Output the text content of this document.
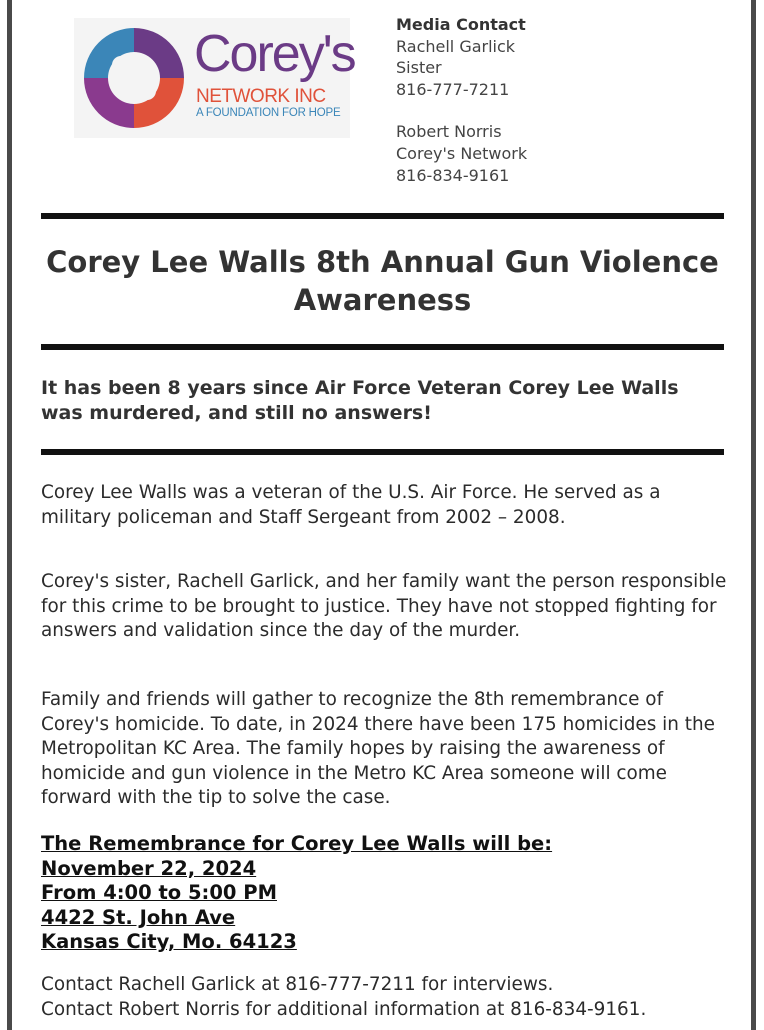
Corey's
NETWORK INC
A FOUNDATION FOR HOPE
Media Contact
Rachell Garlick
Sister
816-777-7211
Robert Norris
Corey's Network
816-834-9161
Corey Lee Walls 8th Annual Gun Violence Awareness
It has been 8 years since Air Force Veteran Corey Lee Walls was murdered, and still no answers!
Corey Lee Walls was a veteran of the U.S. Air Force. He served as a military policeman and Staff Sergeant from 2002 – 2008.
Corey's sister, Rachell Garlick, and her family want the person responsible for this crime to be brought to justice. They have not stopped fighting for answers and validation since the day of the murder.
Family and friends will gather to recognize the 8th remembrance of Corey's homicide. To date, in 2024 there have been 175 homicides in the Metropolitan KC Area. The family hopes by raising the awareness of homicide and gun violence in the Metro KC Area someone will come forward with the tip to solve the case.
The Remembrance for Corey Lee Walls will be:
November 22, 2024
From 4:00 to 5:00 PM
4422 St. John Ave
Kansas City, Mo. 64123
Contact Rachell Garlick at 816-777-7211 for interviews.
Contact Robert Norris for additional information at 816-834-9161.
